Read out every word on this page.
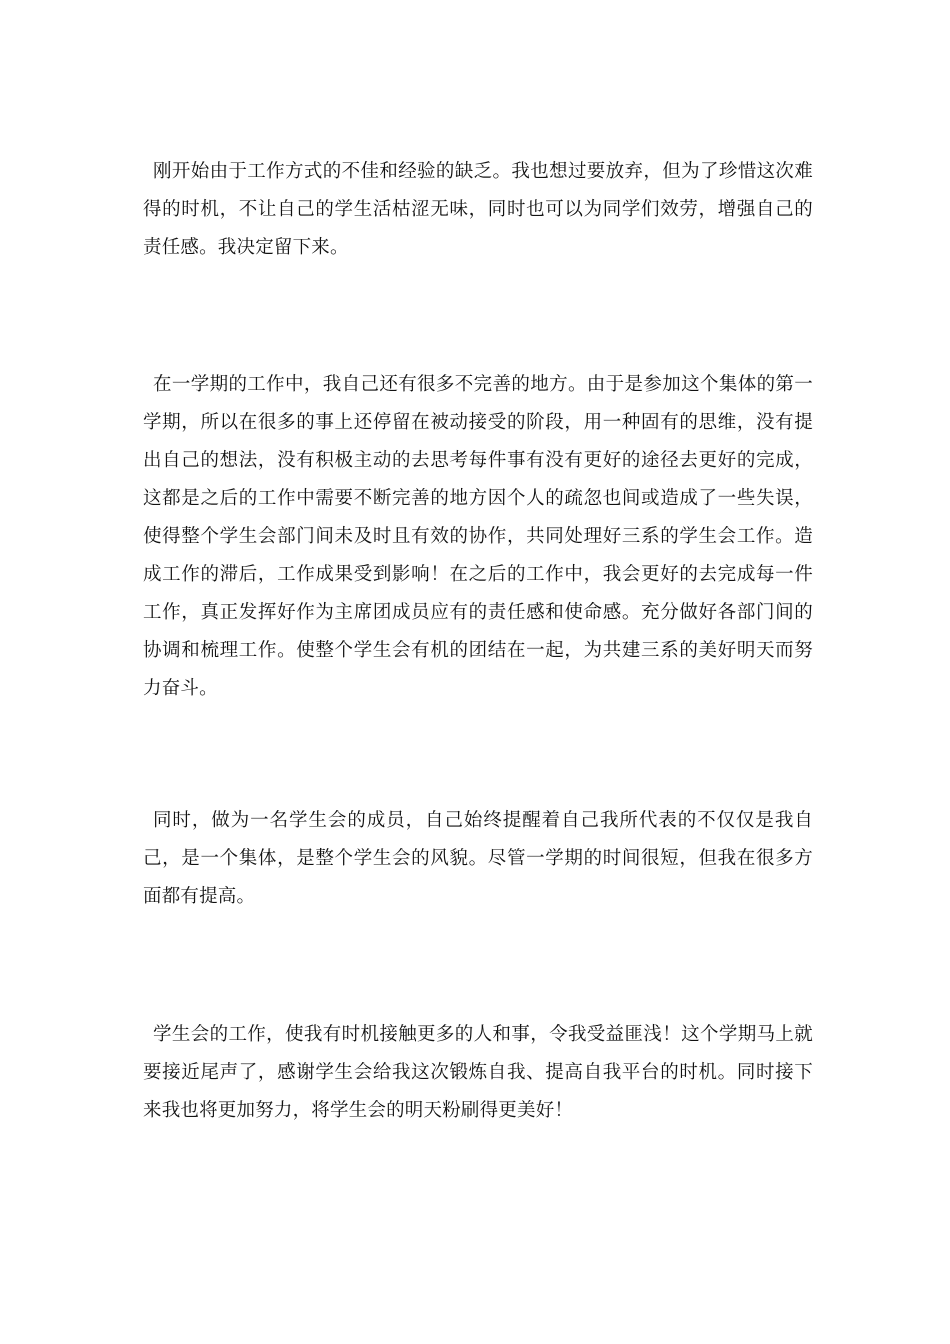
刚开始由于工作方式的不佳和经验的缺乏。我也想过要放弃，但为了珍惜这次难得的时机，不让自己的学生活枯涩无味，同时也可以为同学们效劳，增强自己的责任感。我决定留下来。

在一学期的工作中，我自己还有很多不完善的地方。由于是参加这个集体的第一学期，所以在很多的事上还停留在被动接受的阶段，用一种固有的思维，没有提出自己的想法，没有积极主动的去思考每件事有没有更好的途径去更好的完成，这都是之后的工作中需要不断完善的地方因个人的疏忽也间或造成了一些失误，使得整个学生会部门间未及时且有效的协作，共同处理好三系的学生会工作。造成工作的滞后，工作成果受到影响！在之后的工作中，我会更好的去完成每一件工作，真正发挥好作为主席团成员应有的责任感和使命感。充分做好各部门间的协调和梳理工作。使整个学生会有机的团结在一起，为共建三系的美好明天而努力奋斗。

同时，做为一名学生会的成员，自己始终提醒着自己我所代表的不仅仅是我自己，是一个集体，是整个学生会的风貌。尽管一学期的时间很短，但我在很多方面都有提高。

学生会的工作，使我有时机接触更多的人和事，令我受益匪浅！这个学期马上就要接近尾声了，感谢学生会给我这次锻炼自我、提高自我平台的时机。同时接下来我也将更加努力，将学生会的明天粉刷得更美好！
